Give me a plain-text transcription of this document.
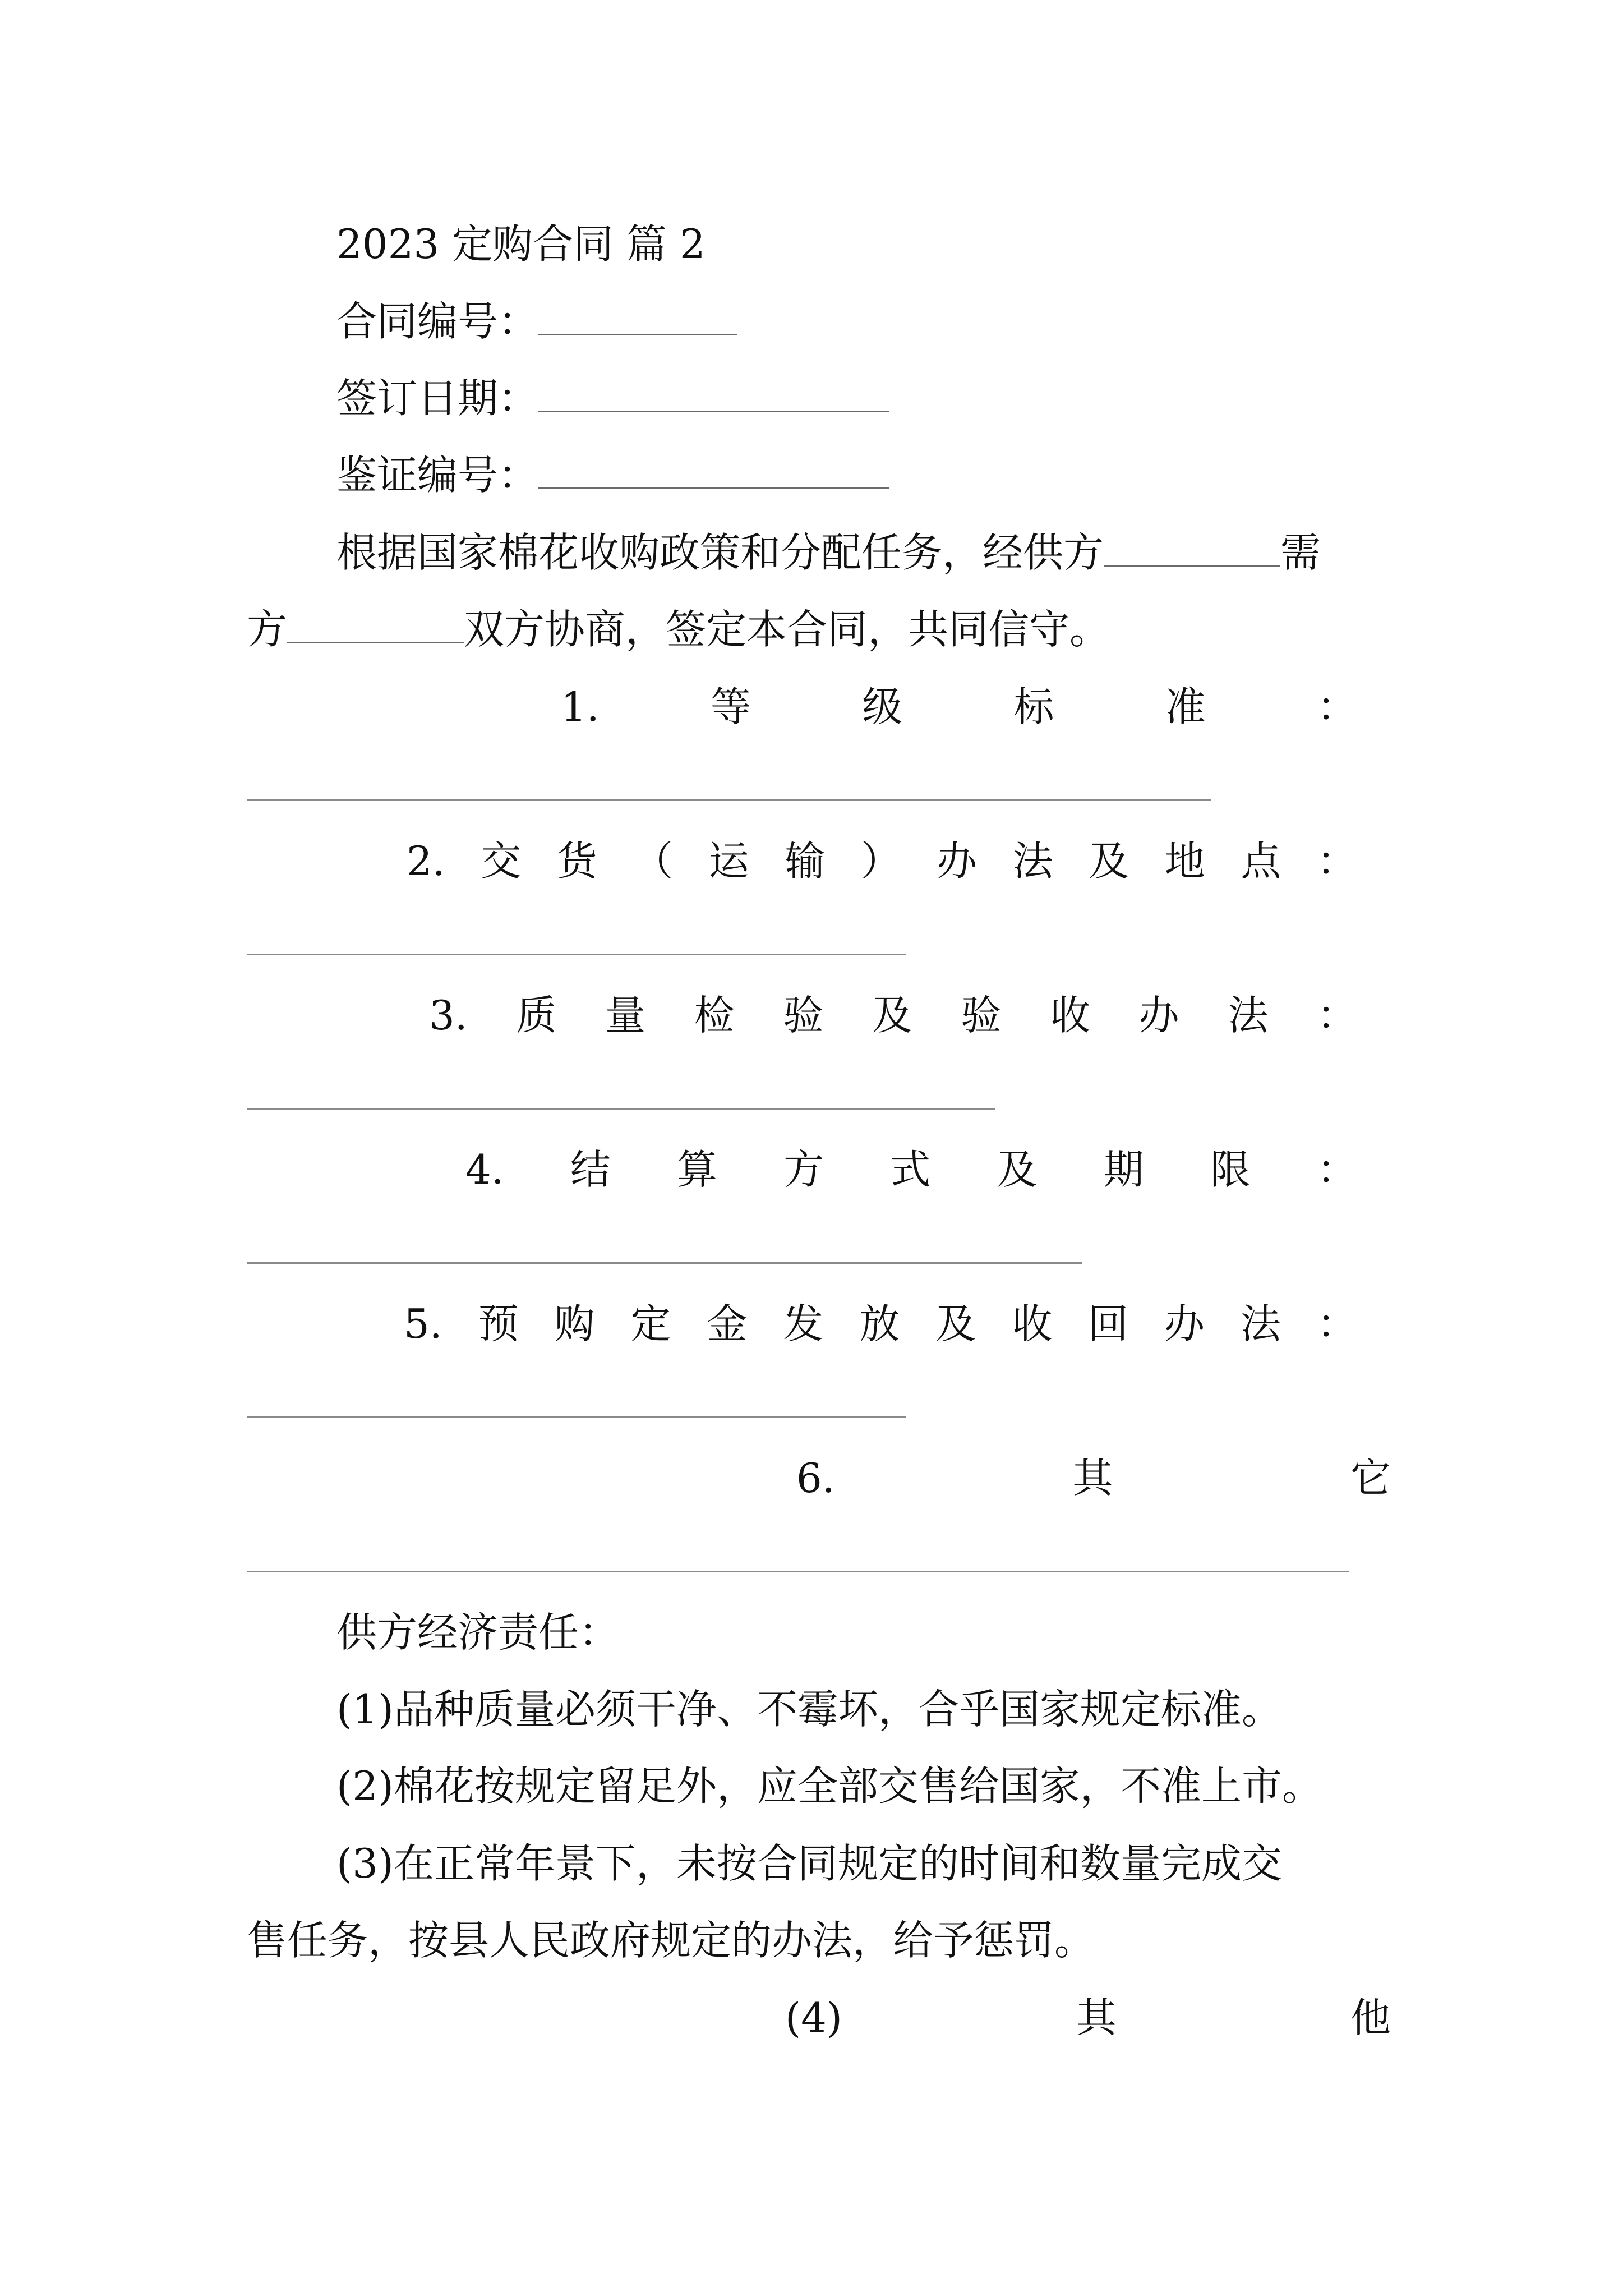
2023 定购合同 篇 2
合同编号：
签订日期：
鉴证编号：
根据国家棉花收购政策和分配任务，经供方	需
方	双方协商，签定本合同，共同信守。
1.	等	级	标	准	：
2. 交 货 （ 运 输 ） 办 法 及 地 点 ：
3. 质 量 检 验 及 验 收 办 法 ：
4. 结 算 方 式 及 期 限 ：
5. 预 购 定 金 发 放 及 收 回 办 法 ：
6.	其	它
供方经济责任：
(1)品种质量必须干净、不霉坏，合乎国家规定标准。
(2)棉花按规定留足外，应全部交售给国家，不准上市。
(3)在正常年景下，未按合同规定的时间和数量完成交
售任务，按县人民政府规定的办法，给予惩罚。
(4)	其	他
